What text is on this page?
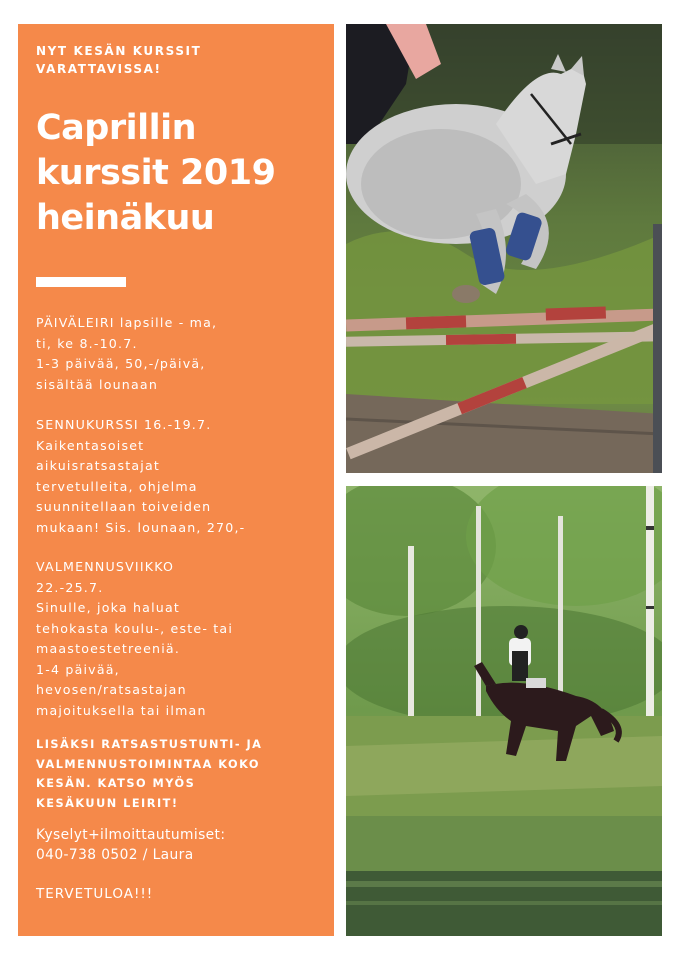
NYT KESÄN KURSSIT
VARATTAVISSA!
Caprillin
kurssit 2019
heinäkuu
PÄIVÄLEIRI lapsille - ma,
ti, ke 8.-10.7.
1-3 päivää, 50,-/päivä,
sisältää lounaan
SENNUKURSSI 16.-19.7.
Kaikentasoiset
aikuisratsastajat
tervetulleita, ohjelma
suunnitellaan toiveiden
mukaan! Sis. lounaan, 270,-
VALMENNUSVIIKKO
22.-25.7.
Sinulle, joka haluat
tehokasta koulu-, este- tai
maastoestetreeniä.
1-4 päivää,
hevosen/ratsastajan
majoituksella tai ilman
LISÄKSI RATSASTUSTUNTI- JA
VALMENNUSTOIMINTAA KOKO
KESÄN. KATSO MYÖS
KESÄKUUN LEIRIT!
Kyselyt+ilmoittautumiset:
040-738 0502 / Laura
TERVETULOA!!!
